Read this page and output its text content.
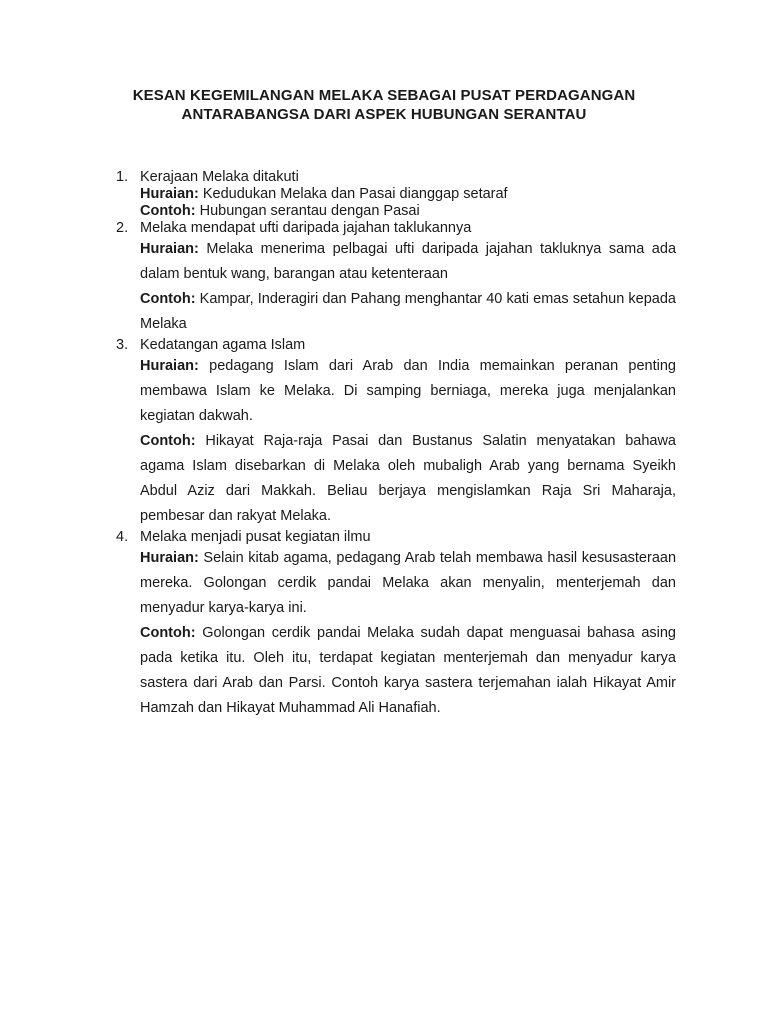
KESAN KEGEMILANGAN MELAKA SEBAGAI PUSAT PERDAGANGAN
ANTARABANGSA DARI ASPEK HUBUNGAN SERANTAU
1. Kerajaan Melaka ditakuti
Huraian: Kedudukan Melaka dan Pasai dianggap setaraf
Contoh: Hubungan serantau dengan Pasai
2. Melaka mendapat ufti daripada jajahan taklukannya
Huraian: Melaka menerima pelbagai ufti daripada jajahan takluknya sama ada dalam bentuk wang, barangan atau ketenteraan
Contoh: Kampar, Inderagiri dan Pahang menghantar 40 kati emas setahun kepada Melaka
3. Kedatangan agama Islam
Huraian: pedagang Islam dari Arab dan India memainkan peranan penting membawa Islam ke Melaka. Di samping berniaga, mereka juga menjalankan kegiatan dakwah.
Contoh: Hikayat Raja-raja Pasai dan Bustanus Salatin menyatakan bahawa agama Islam disebarkan di Melaka oleh mubaligh Arab yang bernama Syeikh Abdul Aziz dari Makkah. Beliau berjaya mengislamkan Raja Sri Maharaja, pembesar dan rakyat Melaka.
4. Melaka menjadi pusat kegiatan ilmu
Huraian: Selain kitab agama, pedagang Arab telah membawa hasil kesusasteraan mereka. Golongan cerdik pandai Melaka akan menyalin, menterjemah dan menyadur karya-karya ini.
Contoh: Golongan cerdik pandai Melaka sudah dapat menguasai bahasa asing pada ketika itu. Oleh itu, terdapat kegiatan menterjemah dan menyadur karya sastera dari Arab dan Parsi. Contoh karya sastera terjemahan ialah Hikayat Amir Hamzah dan Hikayat Muhammad Ali Hanafiah.
